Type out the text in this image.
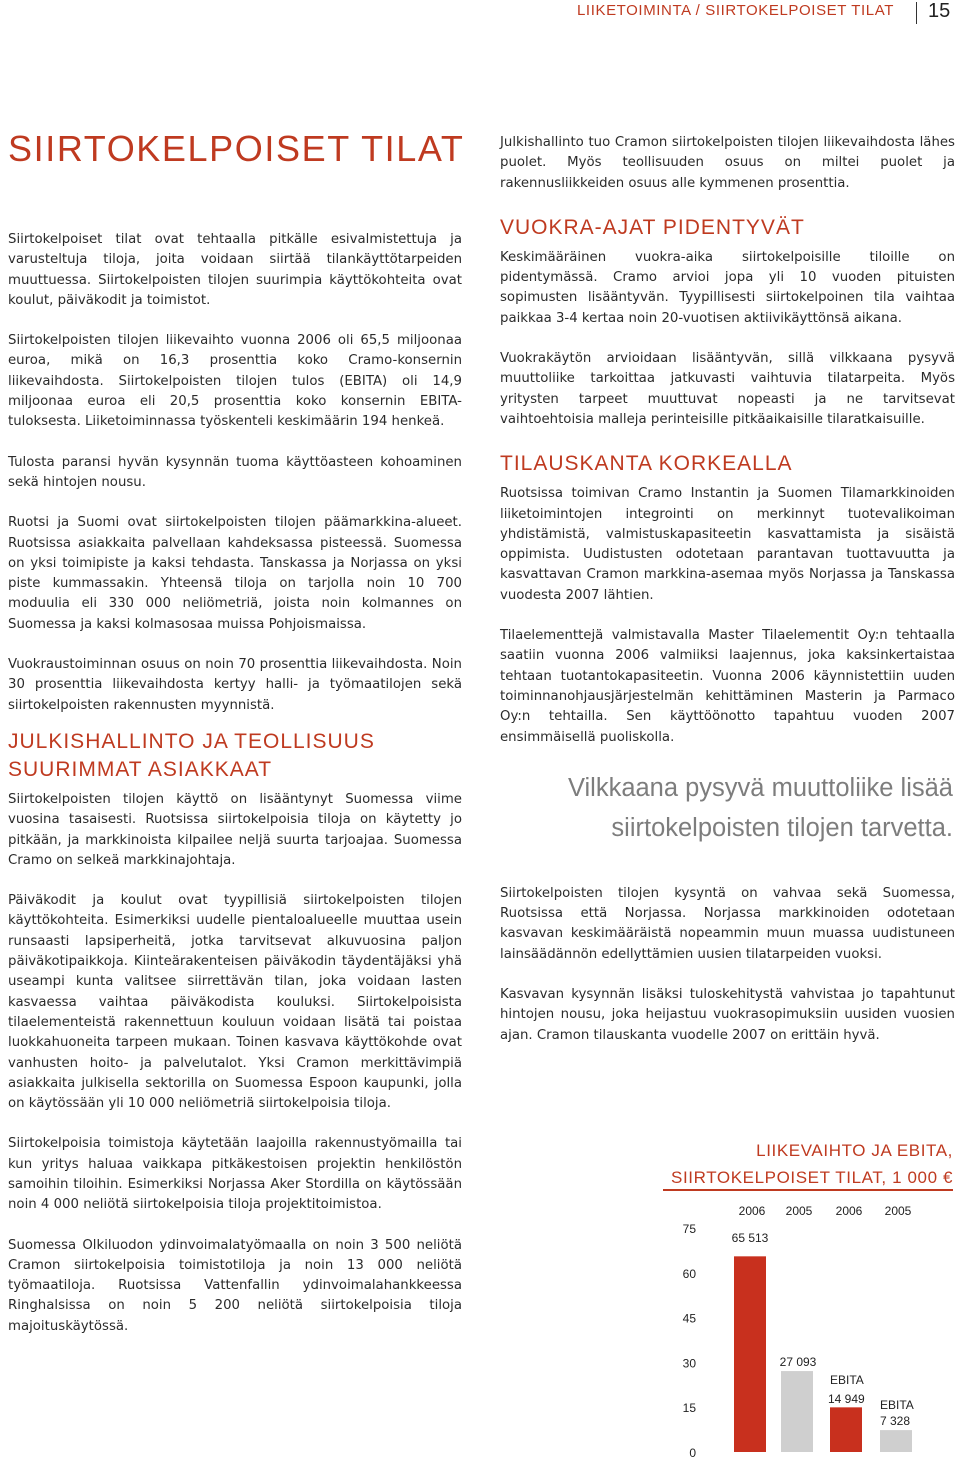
LIIKETOIMINTA / SIIRTOKELPOISET TILAT 15
SIIRTOKELPOISET TILAT

Siirtokelpoiset tilat ovat tehtaalla pitkälle esivalmistettuja ja varusteltuja tiloja, joita voidaan siirtää tilankäyttötarpeiden muuttuessa. Siirtokelpoisten tilojen suurimpia käyttökohteita ovat koulut, päiväkodit ja toimistot.

Siirtokelpoisten tilojen liikevaihto vuonna 2006 oli 65,5 miljoonaa euroa, mikä on 16,3 prosenttia koko Cramo-konsernin liikevaihdosta. Siirtokelpoisten tilojen tulos (EBITA) oli 14,9 miljoonaa euroa eli 20,5 prosenttia koko konsernin EBITA-tuloksesta. Liiketoiminnassa työskenteli keskimäärin 194 henkeä.

Tulosta paransi hyvän kysynnän tuoma käyttöasteen kohoaminen sekä hintojen nousu.

Ruotsi ja Suomi ovat siirtokelpoisten tilojen päämarkkina-alueet. Ruotsissa asiakkaita palvellaan kahdeksassa pisteessä. Suomessa on yksi toimipiste ja kaksi tehdasta. Tanskassa ja Norjassa on yksi piste kummassakin. Yhteensä tiloja on tarjolla noin 10 700 moduulia eli 330 000 neliömetriä, joista noin kolmannes on Suomessa ja kaksi kolmasosaa muissa Pohjoismaissa.

Vuokraustoiminnan osuus on noin 70 prosenttia liikevaihdosta. Noin 30 prosenttia liikevaihdosta kertyy halli- ja työmaatilojen sekä siirtokelpoisten rakennusten myynnistä.

JULKISHALLINTO JA TEOLLISUUS SUURIMMAT ASIAKKAAT

Siirtokelpoisten tilojen käyttö on lisääntynyt Suomessa viime vuosina tasaisesti. Ruotsissa siirtokelpoisia tiloja on käytetty jo pitkään, ja markkinoista kilpailee neljä suurta tarjoajaa. Suomessa Cramo on selkeä markkinajohtaja.

Päiväkodit ja koulut ovat tyypillisiä siirtokelpoisten tilojen käyttökohteita. Esimerkiksi uudelle pientaloalueelle muuttaa usein runsaasti lapsiperheitä, jotka tarvitsevat alkuvuosina paljon päiväkotipaikkoja. Kiinteärakenteisen päiväkodin täydentäjäksi yhä useampi kunta valitsee siirrettävän tilan, joka voidaan lasten kasvaessa vaihtaa päiväkodista kouluksi. Siirtokelpoisista tilaelementeistä rakennettuun kouluun voidaan lisätä tai poistaa luokkahuoneita tarpeen mukaan. Toinen kasvava käyttökohde ovat vanhusten hoito- ja palvelutalot. Yksi Cramon merkittävimpiä asiakkaita julkisella sektorilla on Suomessa Espoon kaupunki, jolla on käytössään yli 10 000 neliömetriä siirtokelpoisia tiloja.

Siirtokelpoisia toimistoja käytetään laajoilla rakennustyömailla tai kun yritys haluaa vaikkapa pitkäkestoisen projektin henkilöstön samoihin tiloihin. Esimerkiksi Norjassa Aker Stordilla on käytössään noin 4 000 neliötä siirtokelpoisia tiloja projektitoimistoa.

Suomessa Olkiluodon ydinvoimalatyömaalla on noin 3 500 neliötä Cramon siirtokelpoisia toimistotiloja ja noin 13 000 neliötä työmaatiloja. Ruotsissa Vattenfallin ydinvoimalahankkeessa Ringhalsissa on noin 5 200 neliötä siirtokelpoisia tiloja majoituskäytössä.

Julkishallinto tuo Cramon siirtokelpoisten tilojen liikevaihdosta lähes puolet. Myös teollisuuden osuus on miltei puolet ja rakennusliikkeiden osuus alle kymmenen prosenttia.

VUOKRA-AJAT PIDENTYVÄT

Keskimääräinen vuokra-aika siirtokelpoisille tiloille on pidentymässä. Cramo arvioi jopa yli 10 vuoden pituisten sopimusten lisääntyvän. Tyypillisesti siirtokelpoinen tila vaihtaa paikkaa 3-4 kertaa noin 20-vuotisen aktiivikäyttönsä aikana.

Vuokrakäytön arvioidaan lisääntyvän, sillä vilkkaana pysyvä muuttoliike tarkoittaa jatkuvasti vaihtuvia tilatarpeita. Myös yritysten tarpeet muuttuvat nopeasti ja ne tarvitsevat vaihtoehtoisia malleja perinteisille pitkäaikaisille tilaratkaisuille.

TILAUSKANTA KORKEALLA

Ruotsissa toimivan Cramo Instantin ja Suomen Tilamarkkinoiden liiketoimintojen integrointi on merkinnyt tuotevalikoiman yhdistämistä, valmistuskapasiteetin kasvattamista ja sisäistä oppimista. Uudistusten odotetaan parantavan tuottavuutta ja kasvattavan Cramon markkina-asemaa myös Norjassa ja Tanskassa vuodesta 2007 lähtien.

Tilaelementtejä valmistavalla Master Tilaelementit Oy:n tehtaalla saatiin vuonna 2006 valmiiksi laajennus, joka kaksinkertaistaa tehtaan tuotantokapasiteetin. Vuonna 2006 käynnistettiin uuden toiminnanohjausjärjestelmän kehittäminen Masterin ja Parmaco Oy:n tehtailla. Sen käyttöönotto tapahtuu vuoden 2007 ensimmäisellä puoliskolla.

Vilkkaana pysyvä muuttoliike lisää siirtokelpoisten tilojen tarvetta.

Siirtokelpoisten tilojen kysyntä on vahvaa sekä Suomessa, Ruotsissa että Norjassa. Norjassa markkinoiden odotetaan kasvavan keskimääräistä nopeammin muun muassa uudistuneen lainsäädännön edellyttämien uusien tilatarpeiden vuoksi.

Kasvavan kysynnän lisäksi tuloskehitystä vahvistaa jo tapahtunut hintojen nousu, joka heijastuu vuokrasopimuksiin uusiden vuosien ajan. Cramon tilauskanta vuodelle 2007 on erittäin hyvä.

LIIKEVAIHTO JA EBITA,
SIIRTOKELPOISET TILAT, 1 000 €
75
60
45
30
15
0
2006 2005 2006 2005
65 513
27 093
EBITA
14 949 EBITA
7 328
